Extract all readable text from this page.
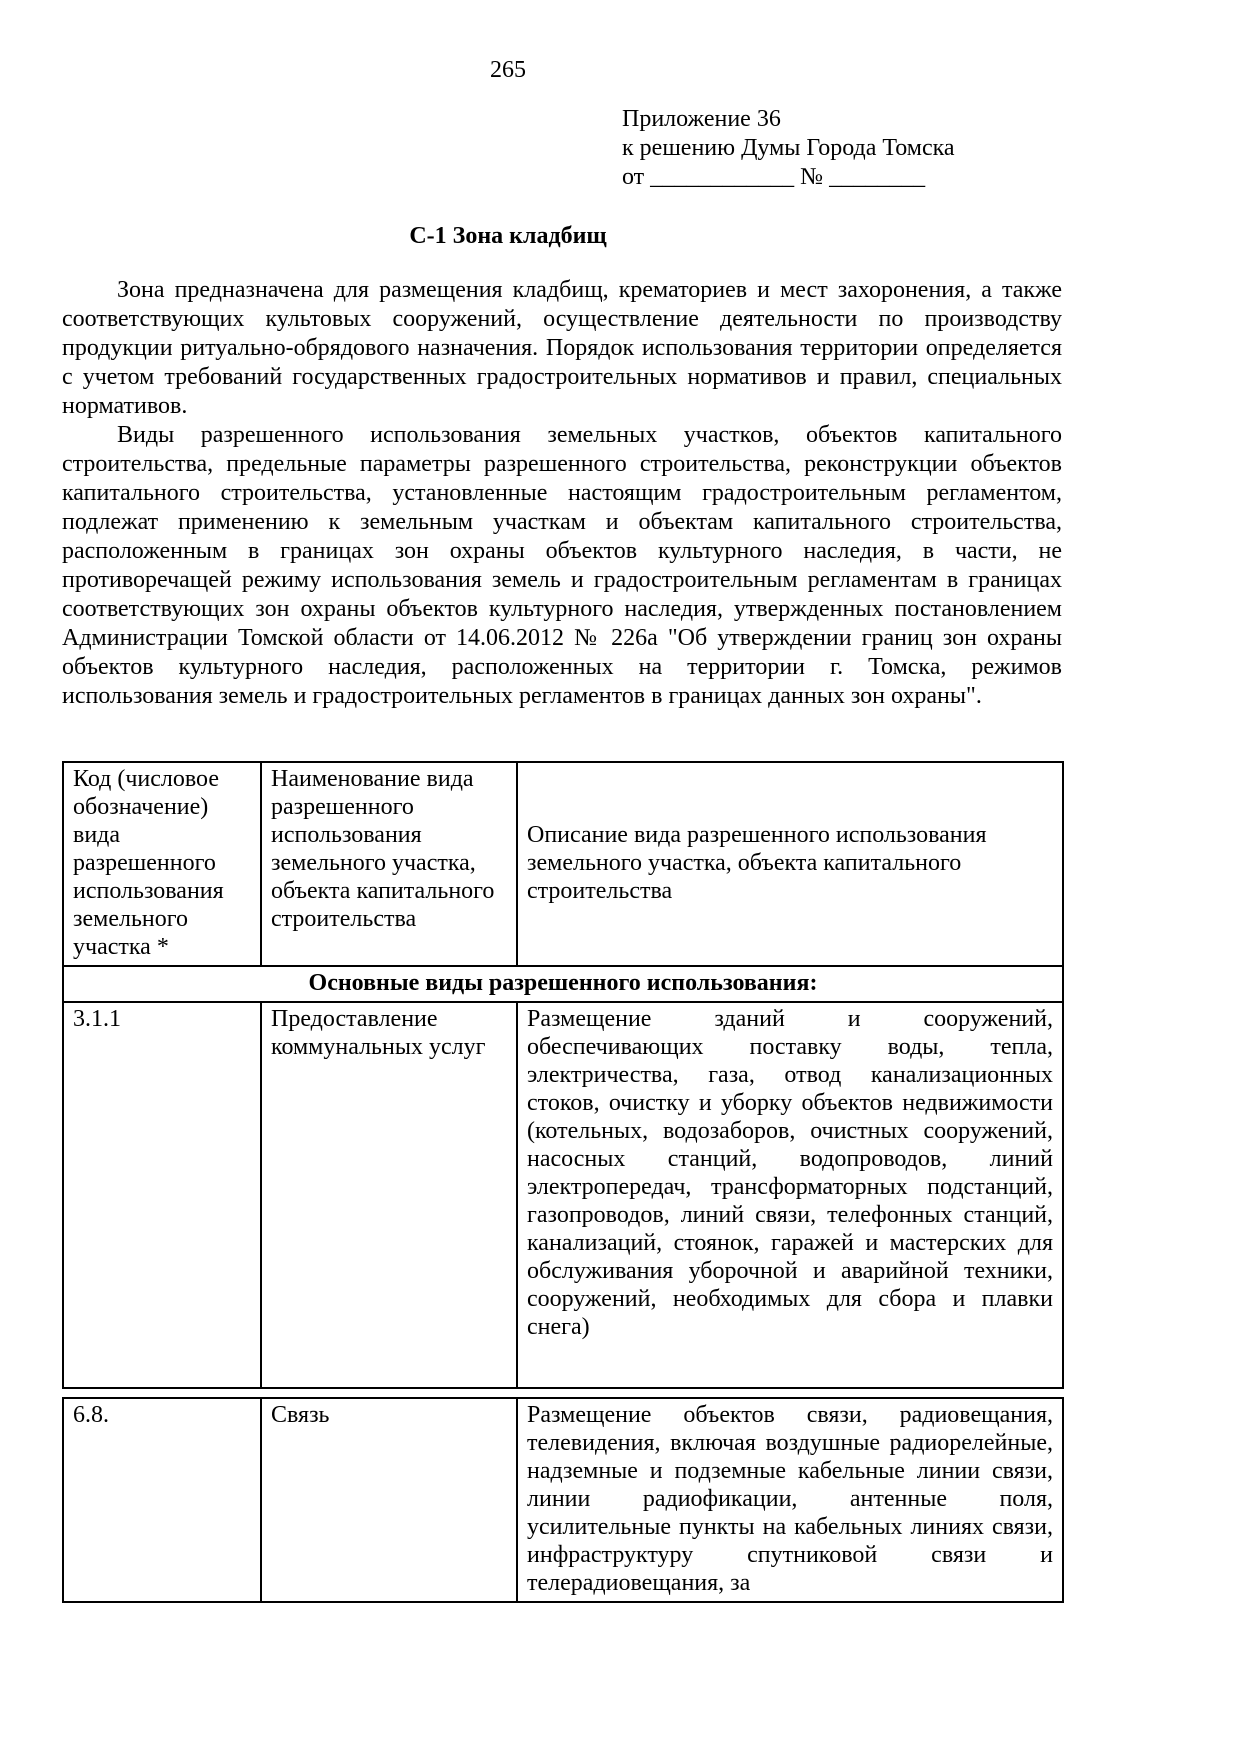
265
Приложение 36
к решению Думы Города Томска
от ____________ № ________
С-1 Зона кладбищ

Зона предназначена для размещения кладбищ, крематориев и мест захоронения, а также соответствующих культовых сооружений, осуществление деятельности по производству продукции ритуально-обрядового назначения. Порядок использования территории определяется с учетом требований государственных градостроительных нормативов и правил, специальных нормативов.

Виды разрешенного использования земельных участков, объектов капитального строительства, предельные параметры разрешенного строительства, реконструкции объектов капитального строительства, установленные настоящим градостроительным регламентом, подлежат применению к земельным участкам и объектам капитального строительства, расположенным в границах зон охраны объектов культурного наследия, в части, не противоречащей режиму использования земель и градостроительным регламентам в границах соответствующих зон охраны объектов культурного наследия, утвержденных постановлением Администрации Томской области от 14.06.2012 № 226а "Об утверждении границ зон охраны объектов культурного наследия, расположенных на территории г. Томска, режимов использования земель и градостроительных регламентов в границах данных зон охраны".

Код (числовое обозначение) вида разрешенного использования земельного участка *	Наименование вида разрешенного использования земельного участка, объекта капитального строительства	Описание вида разрешенного использования земельного участка, объекта капитального строительства
Основные виды разрешенного использования:		
3.1.1	Предоставление коммунальных услуг	Размещение зданий и сооружений, обеспечивающих поставку воды, тепла, электричества, газа, отвод канализационных стоков, очистку и уборку объектов недвижимости (котельных, водозаборов, очистных сооружений, насосных станций, водопроводов, линий электропередач, трансформаторных подстанций, газопроводов, линий связи, телефонных станций, канализаций, стоянок, гаражей и мастерских для обслуживания уборочной и аварийной техники, сооружений, необходимых для сбора и плавки снега)
6.8.	Связь	Размещение объектов связи, радиовещания, телевидения, включая воздушные радиорелейные, надземные и подземные кабельные линии связи, линии радиофикации, антенные поля, усилительные пункты на кабельных линиях связи, инфраструктуру спутниковой связи и телерадиовещания, за
